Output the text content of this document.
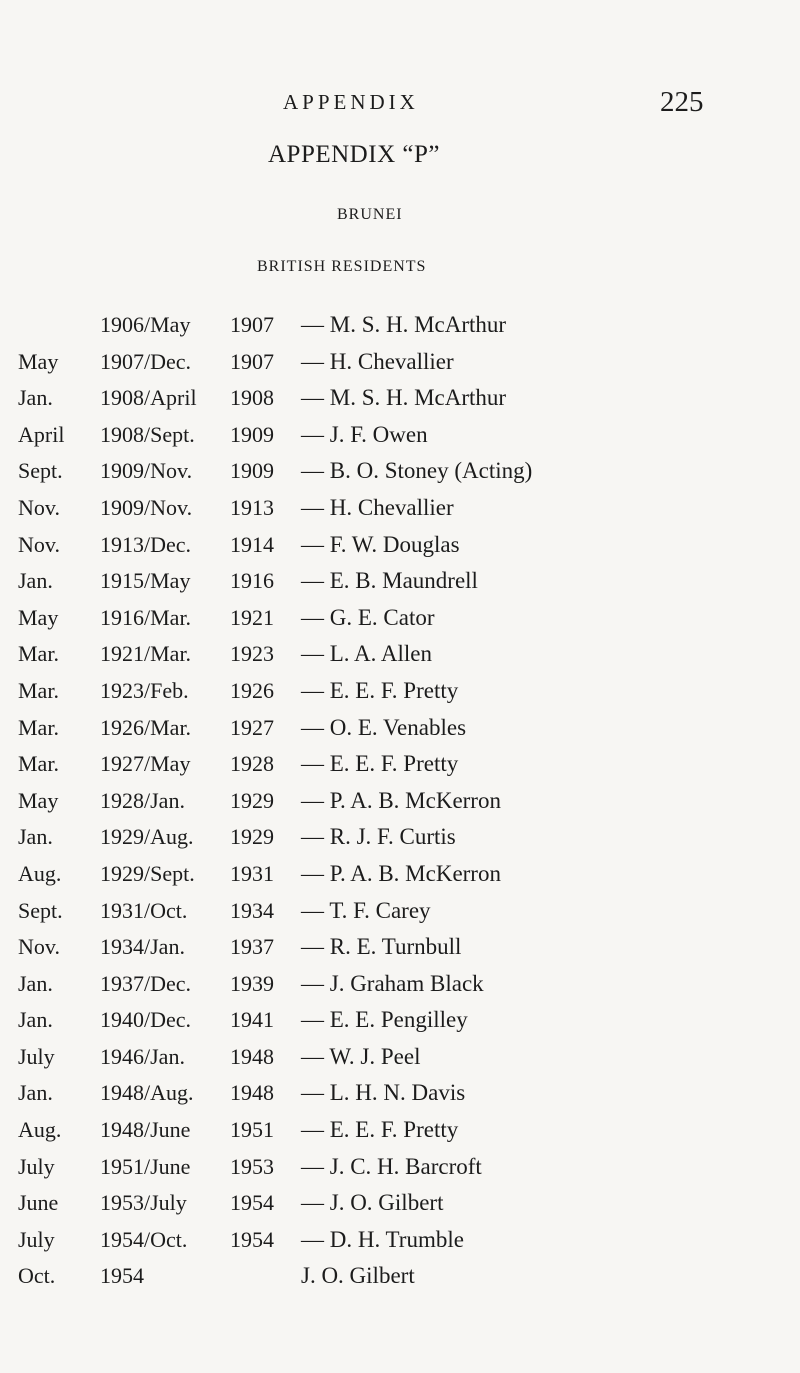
APPENDIX	225
APPENDIX “P”
BRUNEI
BRITISH RESIDENTS
1906/May 1907 — M. S. H. McArthur
May 1907/Dec. 1907 — H. Chevallier
Jan. 1908/April 1908 — M. S. H. McArthur
April 1908/Sept. 1909 — J. F. Owen
Sept. 1909/Nov. 1909 — B. O. Stoney (Acting)
Nov. 1909/Nov. 1913 — H. Chevallier
Nov. 1913/Dec. 1914 — F. W. Douglas
Jan. 1915/May 1916 — E. B. Maundrell
May 1916/Mar. 1921 — G. E. Cator
Mar. 1921/Mar. 1923 — L. A. Allen
Mar. 1923/Feb. 1926 — E. E. F. Pretty
Mar. 1926/Mar. 1927 — O. E. Venables
Mar. 1927/May 1928 — E. E. F. Pretty
May 1928/Jan. 1929 — P. A. B. McKerron
Jan. 1929/Aug. 1929 — R. J. F. Curtis
Aug. 1929/Sept. 1931 — P. A. B. McKerron
Sept. 1931/Oct. 1934 — T. F. Carey
Nov. 1934/Jan. 1937 — R. E. Turnbull
Jan. 1937/Dec. 1939 — J. Graham Black
Jan. 1940/Dec. 1941 — E. E. Pengilley
July 1946/Jan. 1948 — W. J. Peel
Jan. 1948/Aug. 1948 — L. H. N. Davis
Aug. 1948/June 1951 — E. E. F. Pretty
July 1951/June 1953 — J. C. H. Barcroft
June 1953/July 1954 — J. O. Gilbert
July 1954/Oct. 1954 — D. H. Trumble
Oct. 1954	J. O. Gilbert
